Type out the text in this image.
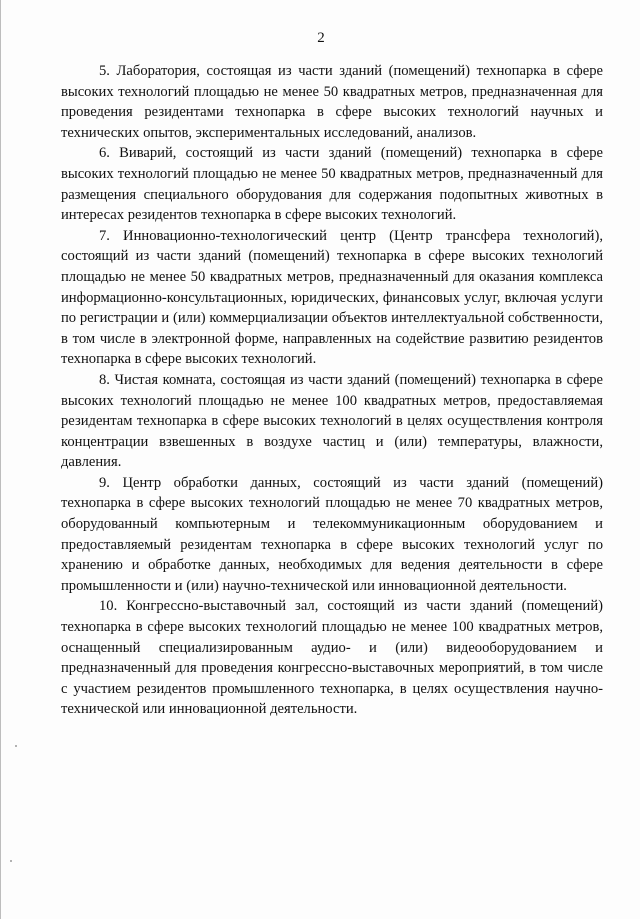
2

5. Лаборатория, состоящая из части зданий (помещений) технопарка в сфере высоких технологий площадью не менее 50 квадратных метров, предназначенная для проведения резидентами технопарка в сфере высоких технологий научных и технических опытов, экспериментальных исследований, анализов.

6. Виварий, состоящий из части зданий (помещений) технопарка в сфере высоких технологий площадью не менее 50 квадратных метров, предназначенный для размещения специального оборудования для содержания подопытных животных в интересах резидентов технопарка в сфере высоких технологий.

7. Инновационно-технологический центр (Центр трансфера технологий), состоящий из части зданий (помещений) технопарка в сфере высоких технологий площадью не менее 50 квадратных метров, предназначенный для оказания комплекса информационно-консультационных, юридических, финансовых услуг, включая услуги по регистрации и (или) коммерциализации объектов интеллектуальной собственности, в том числе в электронной форме, направленных на содействие развитию резидентов технопарка в сфере высоких технологий.

8. Чистая комната, состоящая из части зданий (помещений) технопарка в сфере высоких технологий площадью не менее 100 квадратных метров, предоставляемая резидентам технопарка в сфере высоких технологий в целях осуществления контроля концентрации взвешенных в воздухе частиц и (или) температуры, влажности, давления.

9. Центр обработки данных, состоящий из части зданий (помещений) технопарка в сфере высоких технологий площадью не менее 70 квадратных метров, оборудованный компьютерным и телекоммуникационным оборудованием и предоставляемый резидентам технопарка в сфере высоких технологий услуг по хранению и обработке данных, необходимых для ведения деятельности в сфере промышленности и (или) научно-технической или инновационной деятельности.

10. Конгрессно-выставочный зал, состоящий из части зданий (помещений) технопарка в сфере высоких технологий площадью не менее 100 квадратных метров, оснащенный специализированным аудио- и (или) видеооборудованием и предназначенный для проведения конгрессно-выставочных мероприятий, в том числе с участием резидентов промышленного технопарка, в целях осуществления научно-технической или инновационной деятельности.
